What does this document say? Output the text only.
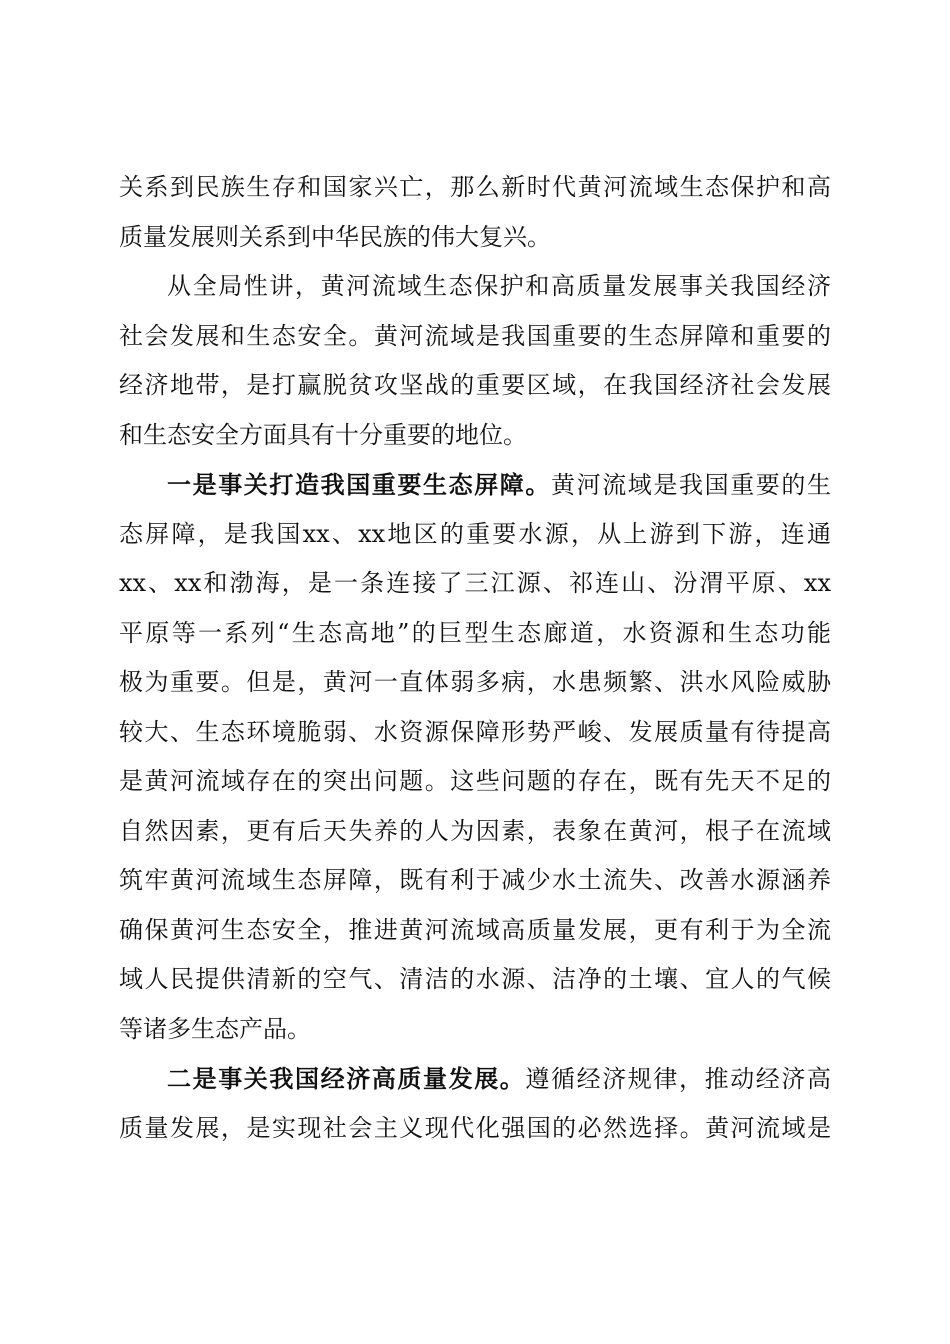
关系到民族生存和国家兴亡，那么新时代黄河流域生态保护和高
质量发展则关系到中华民族的伟大复兴。
从全局性讲，黄河流域生态保护和高质量发展事关我国经济
社会发展和生态安全。黄河流域是我国重要的生态屏障和重要的
经济地带，是打赢脱贫攻坚战的重要区域，在我国经济社会发展
和生态安全方面具有十分重要的地位。
一是事关打造我国重要生态屏障。黄河流域是我国重要的生
态屏障，是我国xx、xx地区的重要水源，从上游到下游，连通
xx、xx和渤海，是一条连接了三江源、祁连山、汾渭平原、xx
平原等一系列“生态高地”的巨型生态廊道，水资源和生态功能
极为重要。但是，黄河一直体弱多病，水患频繁、洪水风险威胁
较大、生态环境脆弱、水资源保障形势严峻、发展质量有待提高
是黄河流域存在的突出问题。这些问题的存在，既有先天不足的
自然因素，更有后天失养的人为因素，表象在黄河，根子在流域
筑牢黄河流域生态屏障，既有利于减少水土流失、改善水源涵养
确保黄河生态安全，推进黄河流域高质量发展，更有利于为全流
域人民提供清新的空气、清洁的水源、洁净的土壤、宜人的气候
等诸多生态产品。
二是事关我国经济高质量发展。遵循经济规律，推动经济高
质量发展，是实现社会主义现代化强国的必然选择。黄河流域是
